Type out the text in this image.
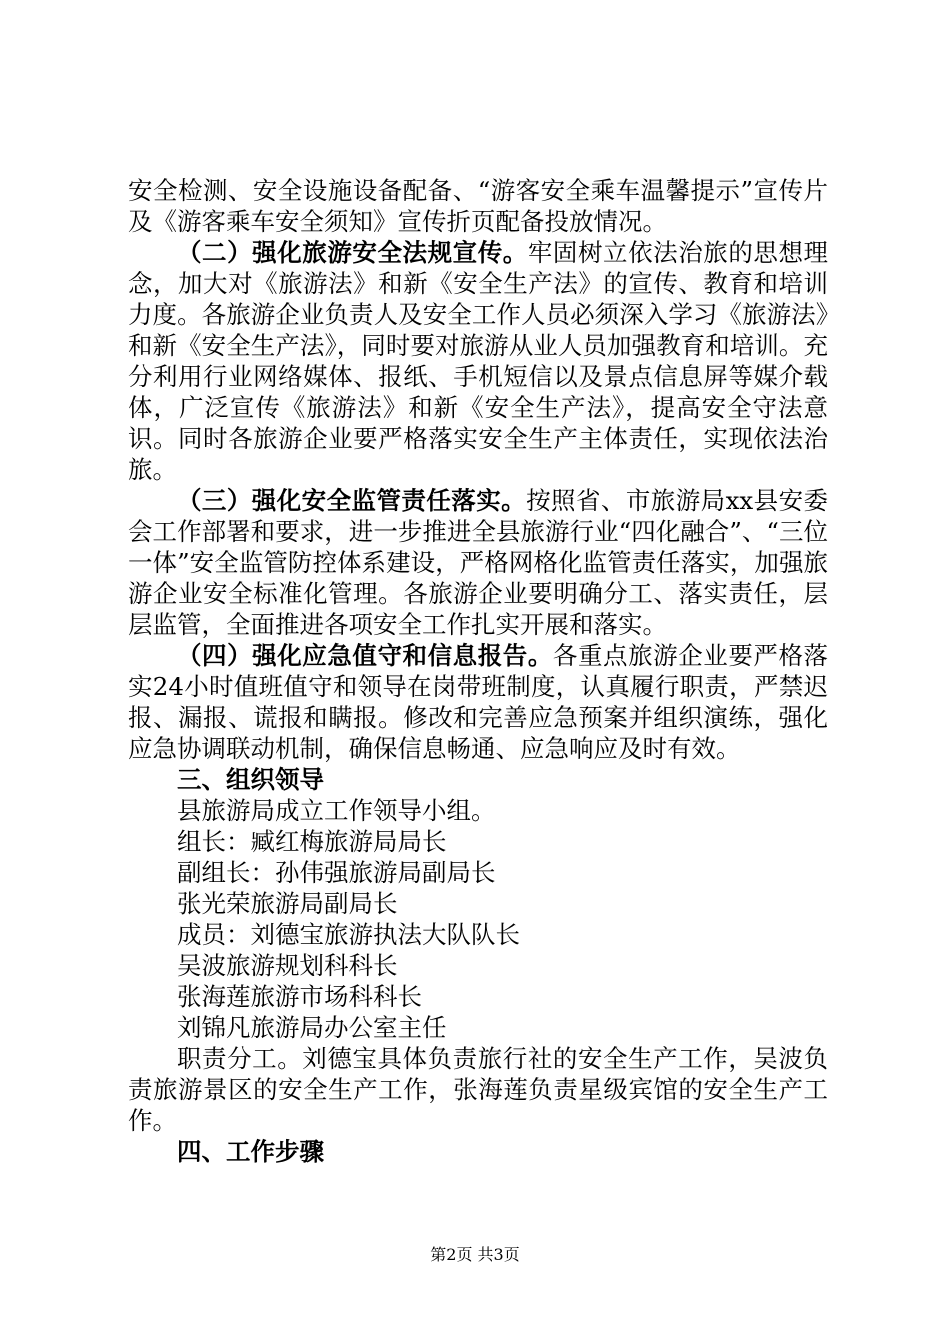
安全检测、安全设施设备配备、“游客安全乘车温馨提示”宣传片及《游客乘车安全须知》宣传折页配备投放情况。

（二）强化旅游安全法规宣传。牢固树立依法治旅的思想理念，加大对《旅游法》和新《安全生产法》的宣传、教育和培训力度。各旅游企业负责人及安全工作人员必须深入学习《旅游法》和新《安全生产法》，同时要对旅游从业人员加强教育和培训。充分利用行业网络媒体、报纸、手机短信以及景点信息屏等媒介载体，广泛宣传《旅游法》和新《安全生产法》，提高安全守法意识。同时各旅游企业要严格落实安全生产主体责任，实现依法治旅。

（三）强化安全监管责任落实。按照省、市旅游局xx县安委会工作部署和要求，进一步推进全县旅游行业“四化融合”、“三位一体”安全监管防控体系建设，严格网格化监管责任落实，加强旅游企业安全标准化管理。各旅游企业要明确分工、落实责任，层层监管，全面推进各项安全工作扎实开展和落实。

（四）强化应急值守和信息报告。各重点旅游企业要严格落实24小时值班值守和领导在岗带班制度，认真履行职责，严禁迟报、漏报、谎报和瞒报。修改和完善应急预案并组织演练，强化应急协调联动机制，确保信息畅通、应急响应及时有效。

三、组织领导

县旅游局成立工作领导小组。

组长：臧红梅旅游局局长

副组长：孙伟强旅游局副局长

张光荣旅游局副局长

成员：刘德宝旅游执法大队队长

吴波旅游规划科科长

张海莲旅游市场科科长

刘锦凡旅游局办公室主任

职责分工。刘德宝具体负责旅行社的安全生产工作，吴波负责旅游景区的安全生产工作，张海莲负责星级宾馆的安全生产工作。

四、工作步骤

第2页 共3页
